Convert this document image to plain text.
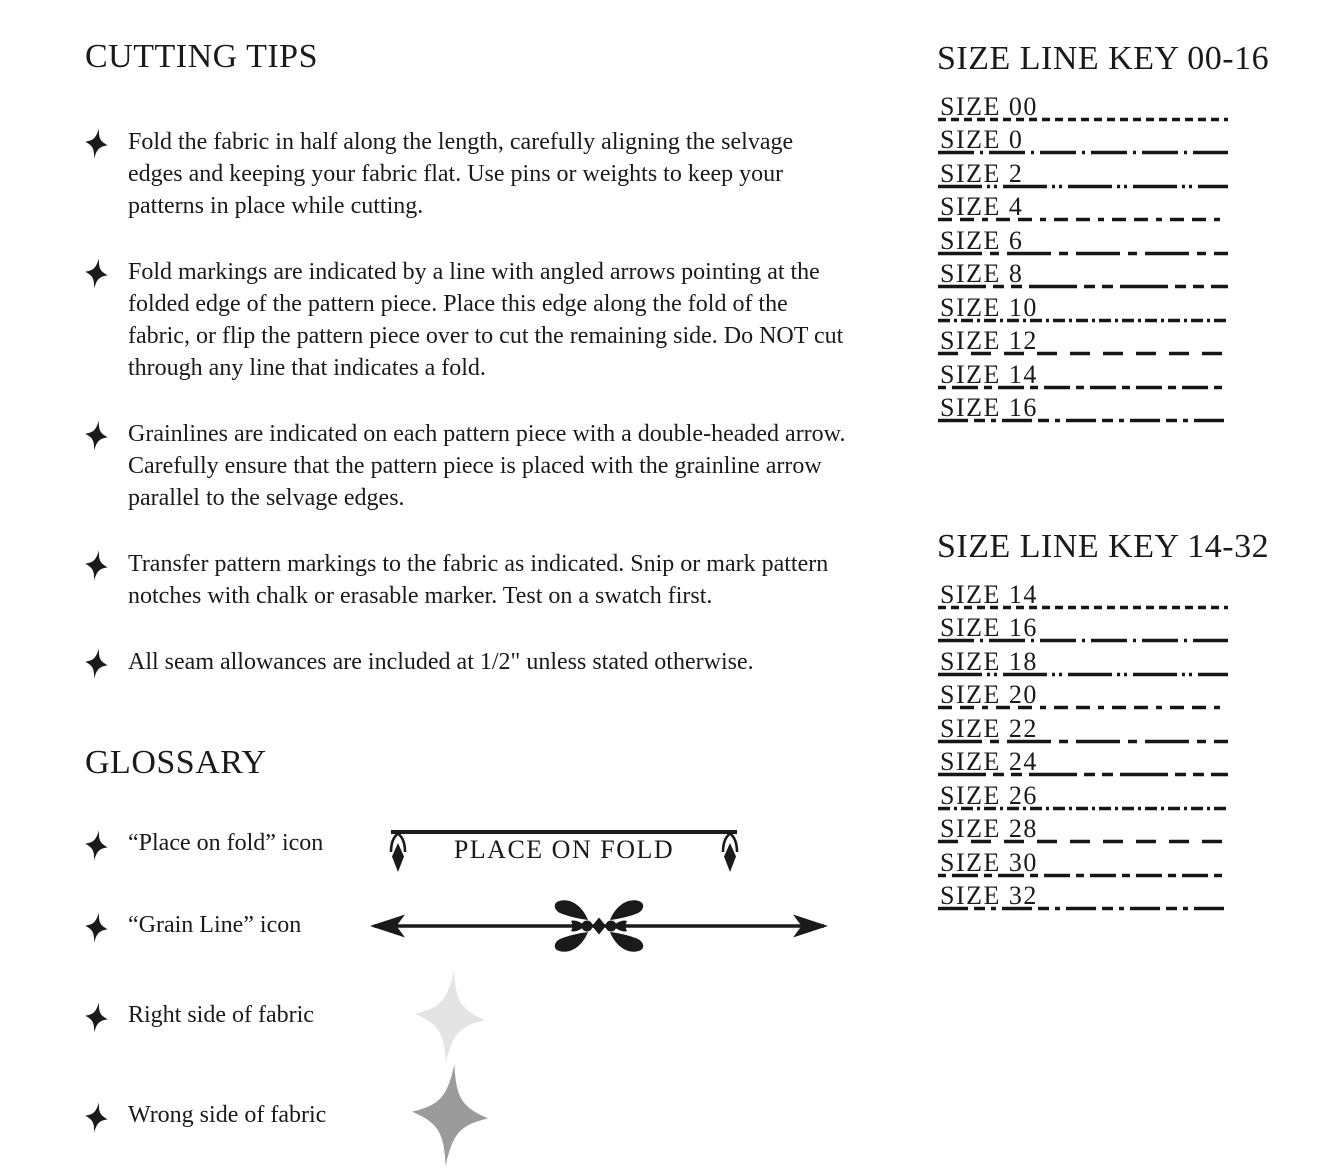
CUTTING TIPS

Fold the fabric in half along the length, carefully aligning the selvage edges and keeping your fabric flat. Use pins or weights to keep your patterns in place while cutting.

Fold markings are indicated by a line with angled arrows pointing at the folded edge of the pattern piece. Place this edge along the fold of the fabric, or flip the pattern piece over to cut the remaining side. Do NOT cut through any line that indicates a fold.

Grainlines are indicated on each pattern piece with a double-headed arrow. Carefully ensure that the pattern piece is placed with the grainline arrow parallel to the selvage edges.

Transfer pattern markings to the fabric as indicated. Snip or mark pattern notches with chalk or erasable marker. Test on a swatch first.

All seam allowances are included at 1/2" unless stated otherwise.

GLOSSARY
“Place on fold” icon
“Grain Line” icon
Right side of fabric
Wrong side of fabric
PLACE ON FOLD
SIZE LINE KEY 00-16
SIZE 00
SIZE 0
SIZE 2
SIZE 4
SIZE 6
SIZE 8
SIZE 10
SIZE 12
SIZE 14
SIZE 16
SIZE LINE KEY 14-32
SIZE 14
SIZE 16
SIZE 18
SIZE 20
SIZE 22
SIZE 24
SIZE 26
SIZE 28
SIZE 30
SIZE 32
